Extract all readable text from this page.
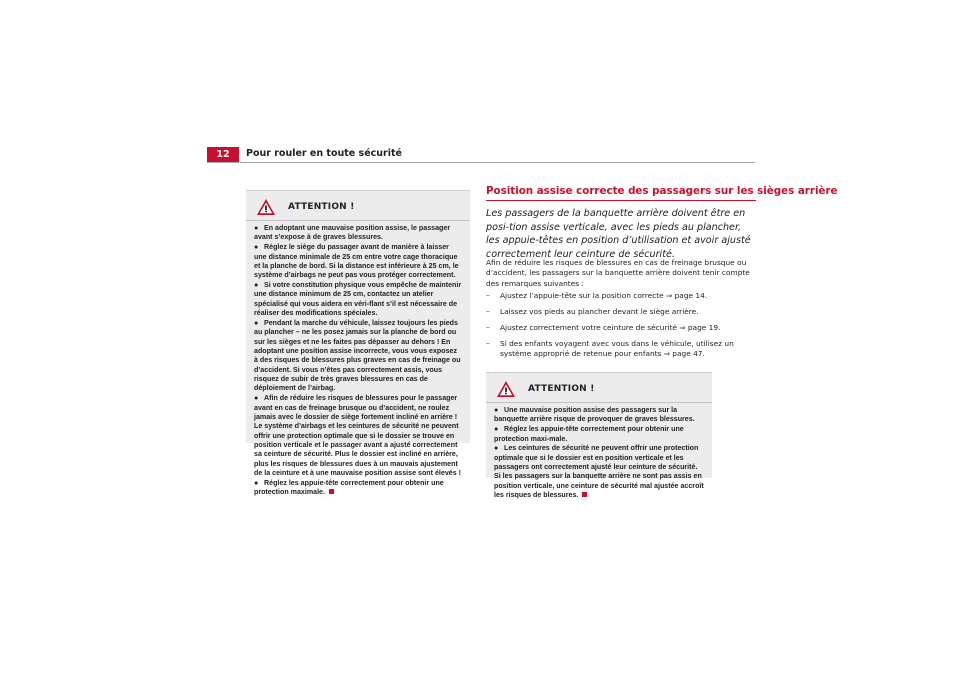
12	Pour rouler en toute sécurité
ATTENTION !
● En adoptant une mauvaise position assise, le passager avant s’expose à de graves blessures.
● Réglez le siège du passager avant de manière à laisser une distance minimale de 25 cm entre votre cage thoracique et la planche de bord. Si la distance est inférieure à 25 cm, le système d’airbags ne peut pas vous protéger correctement.
● Si votre constitution physique vous empêche de maintenir une distance minimum de 25 cm, contactez un atelier spécialisé qui vous aidera en véri-flant s’il est nécessaire de réaliser des modifications spéciales.
● Pendant la marche du véhicule, laissez toujours les pieds au plancher – ne les posez jamais sur la planche de bord ou sur les sièges et ne les faites pas dépasser au dehors ! En adoptant une position assise incorrecte, vous vous exposez à des risques de blessures plus graves en cas de freinage ou d’accident. Si vous n’êtes pas correctement assis, vous risquez de subir de très graves blessures en cas de déploiement de l’airbag.
● Afin de réduire les risques de blessures pour le passager avant en cas de freinage brusque ou d’accident, ne roulez jamais avec le dossier de siège fortement incliné en arrière ! Le système d’airbags et les ceintures de sécurité ne peuvent offrir une protection optimale que si le dossier se trouve en position verticale et le passager avant a ajusté correctement sa ceinture de sécurité. Plus le dossier est incliné en arrière, plus les risques de blessures dues à un mauvais ajustement de la ceinture et à une mauvaise position assise sont élevés !
● Réglez les appuie-tête correctement pour obtenir une protection maximale.
Position assise correcte des passagers sur les sièges arrière
Les passagers de la banquette arrière doivent être en posi-tion assise verticale, avec les pieds au plancher, les appuie-têtes en position d’utilisation et avoir ajusté correctement leur ceinture de sécurité.
Afin de réduire les risques de blessures en cas de freinage brusque ou d’accident, les passagers sur la banquette arrière doivent tenir compte des remarques suivantes :
–	Ajustez l’appuie-tête sur la position correcte ⇒ page 14.
–	Laissez vos pieds au plancher devant le siège arrière.
–	Ajustez correctement votre ceinture de sécurité ⇒ page 19.
–	Si des enfants voyagent avec vous dans le véhicule, utilisez un système approprié de retenue pour enfants ⇒ page 47.
ATTENTION !
● Une mauvaise position assise des passagers sur la banquette arrière risque de provoquer de graves blessures.
● Réglez les appuie-tête correctement pour obtenir une protection maxi-male.
● Les ceintures de sécurité ne peuvent offrir une protection optimale que si le dossier est en position verticale et les passagers ont correctement ajusté leur ceinture de sécurité. Si les passagers sur la banquette arrière ne sont pas assis en position verticale, une ceinture de sécurité mal ajustée accroît les risques de blessures.
